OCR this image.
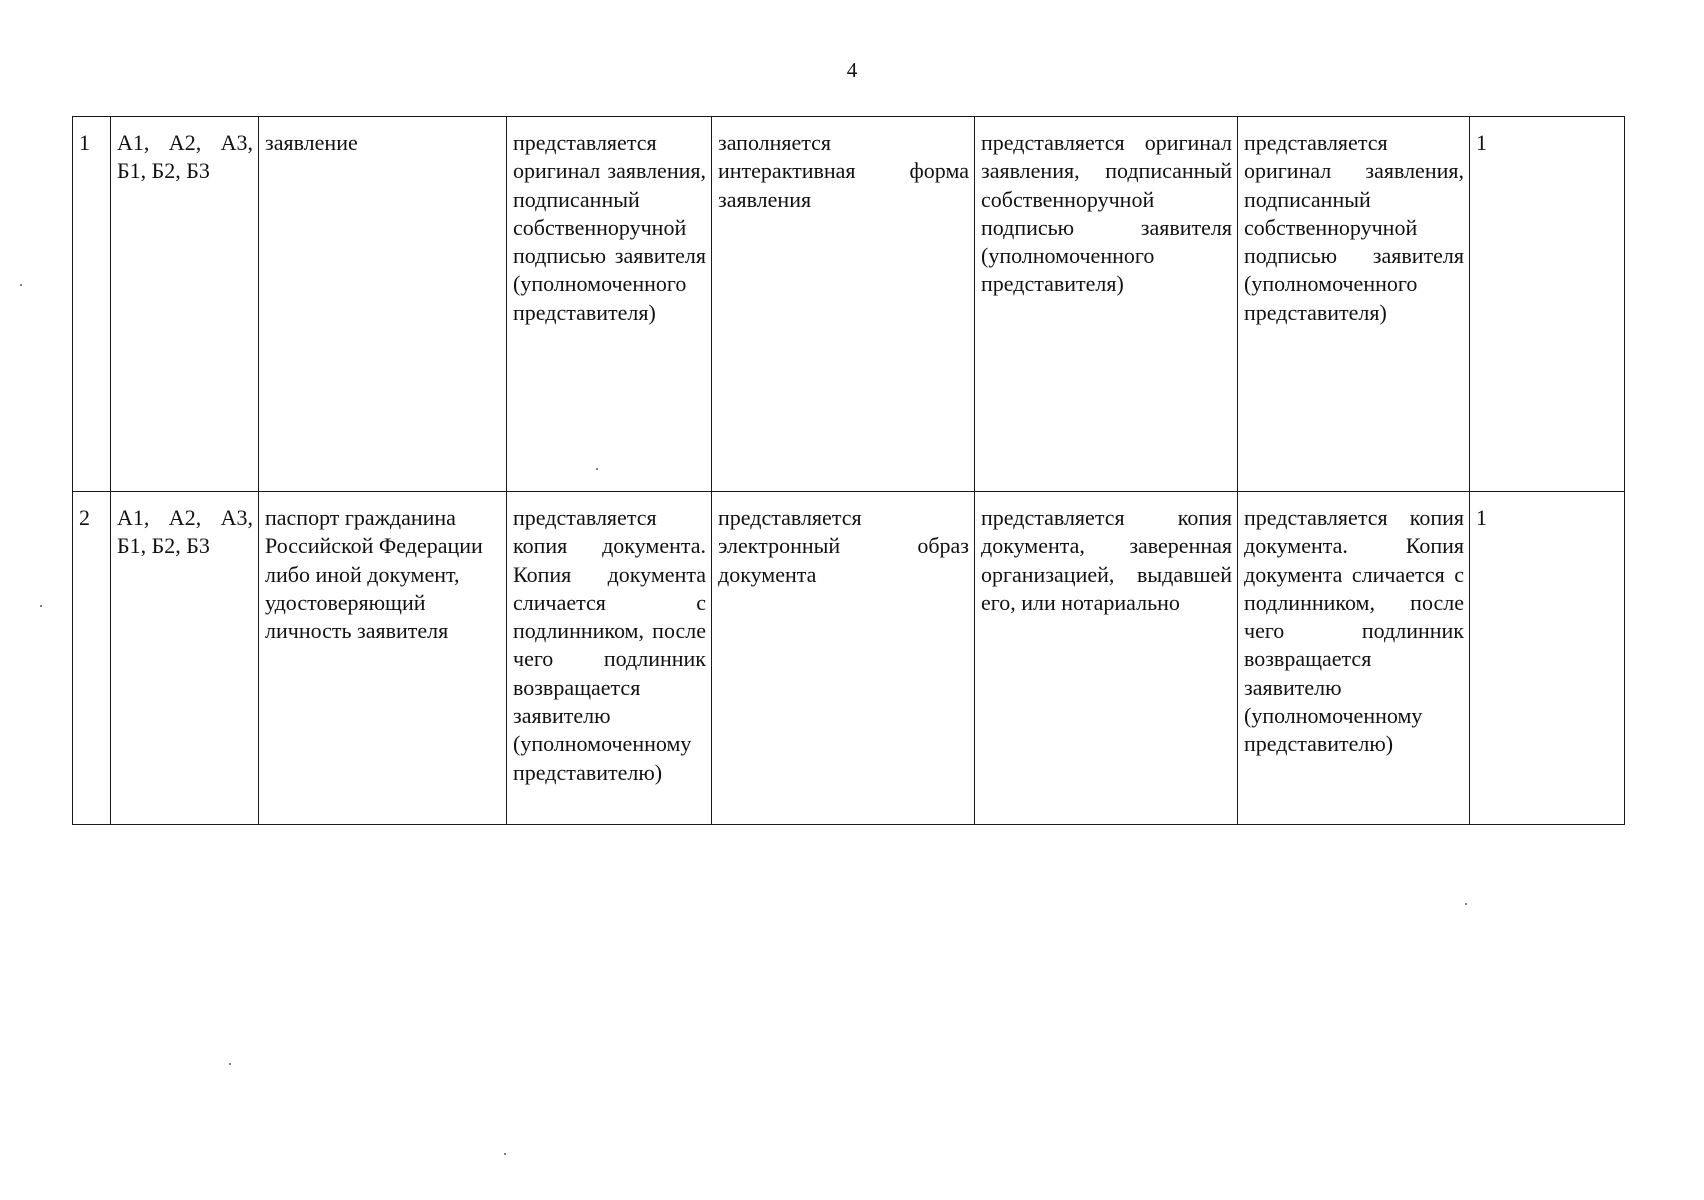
4
1	А1, А2, А3, Б1, Б2, Б3	заявление	представляется оригинал заявления, подписанный собственноручной подписью заявителя (уполномоченного представителя)	заполняется интерактивная форма заявления	представляется оригинал заявления, подписанный собственноручной подписью заявителя (уполномоченного представителя)	представляется оригинал заявления, подписанный собственноручной подписью заявителя (уполномоченного представителя)	1
2	А1, А2, А3, Б1, Б2, Б3	паспорт гражданина Российской Федерации либо иной документ, удостоверяющий личность заявителя	представляется копия документа. Копия документа сличается с подлинником, после чего подлинник возвращается заявителю (уполномоченному представителю)	представляется электронный образ документа	представляется копия документа, заверенная организацией, выдавшей его, или нотариально	представляется копия документа. Копия документа сличается с подлинником, после чего подлинник возвращается заявителю (уполномоченному представителю)	1
